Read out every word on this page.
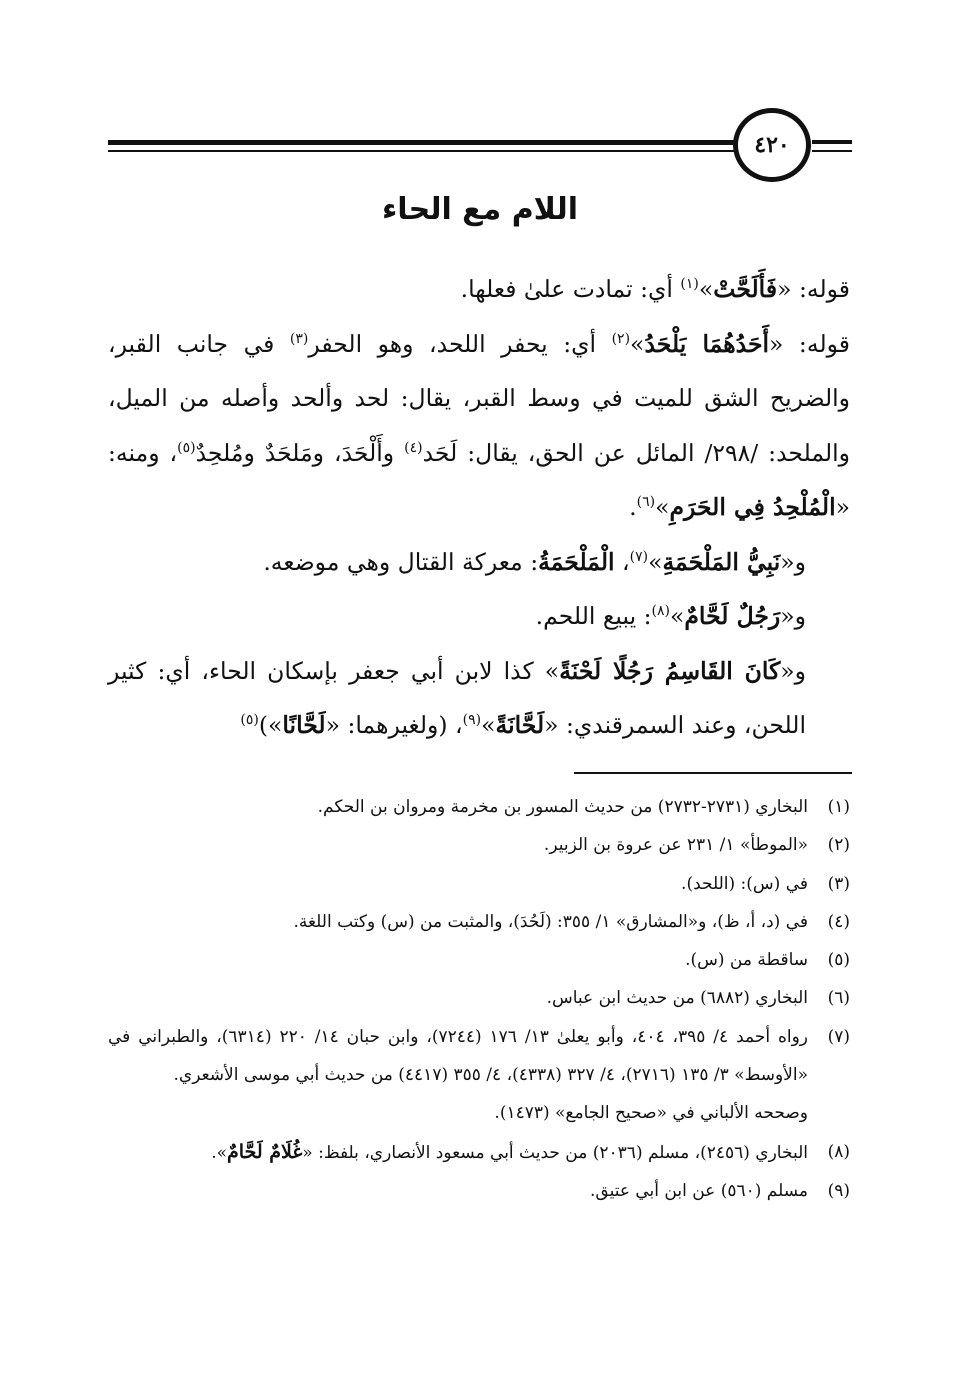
٤٢٠
اللام مع الحاء

قوله: «فَأَلَحَّتْ»$^{(١)}$ أي: تمادت علىٰ فعلها.

قوله: «أَحَدُهُمَا يَلْحَدُ»$^{(٢)}$ أي: يحفر اللحد، وهو الحفر$^{(٣)}$ في جانب القبر، والضريح الشق للميت في وسط القبر، يقال: لحد وألحد وأصله من الميل، والملحد: /٢٩٨/ المائل عن الحق، يقال: لَحَد$^{(٤)}$ وأَلْحَدَ، ومَلحَدٌ ومُلحِدٌ$^{(٥)}$، ومنه: «الْمُلْحِدُ فِي الحَرَمِ»$^{(٦)}$.

و«نَبِيُّ المَلْحَمَةِ»$^{(٧)}$، الْمَلْحَمَةُ: معركة القتال وهي موضعه.

و«رَجُلٌ لَحَّامٌ»$^{(٨)}$: يبيع اللحم.

و«كَانَ القَاسِمُ رَجُلًا لَحْنَةً» كذا لابن أبي جعفر بإسكان الحاء، أي: كثير اللحن، وعند السمرقندي: «لَحَّانَةً»$^{(٩)}$، (ولغيرهما: «لَحَّانًا»)$^{(٥)}$

(١)
البخاري (٢٧٣١-٢٧٣٢) من حديث المسور بن مخرمة ومروان بن الحكم.
(٢)
«الموطأ» ١/ ٢٣١ عن عروة بن الزبير.
(٣)
في (س): (اللحد).
(٤)
في (د، أ، ظ)، و«المشارق» ١/ ٣٥٥: (لَحُدَ)، والمثبت من (س) وكتب اللغة.
(٥)
ساقطة من (س).
(٦)
البخاري (٦٨٨٢) من حديث ابن عباس.
(٧)
رواه أحمد ٤/ ٣٩٥، ٤٠٤، وأبو يعلىٰ ١٣/ ١٧٦ (٧٢٤٤)، وابن حبان ١٤/ ٢٢٠ (٦٣١٤)، والطبراني في «الأوسط» ٣/ ١٣٥ (٢٧١٦)، ٤/ ٣٢٧ (٤٣٣٨)، ٤/ ٣٥٥ (٤٤١٧) من حديث أبي موسى الأشعري.
وصححه الألباني في «صحيح الجامع» (١٤٧٣).
(٨)
البخاري (٢٤٥٦)، مسلم (٢٠٣٦) من حديث أبي مسعود الأنصاري، بلفظ: «غُلَامٌ لَحَّامٌ».
(٩)
مسلم (٥٦٠) عن ابن أبي عتيق.
